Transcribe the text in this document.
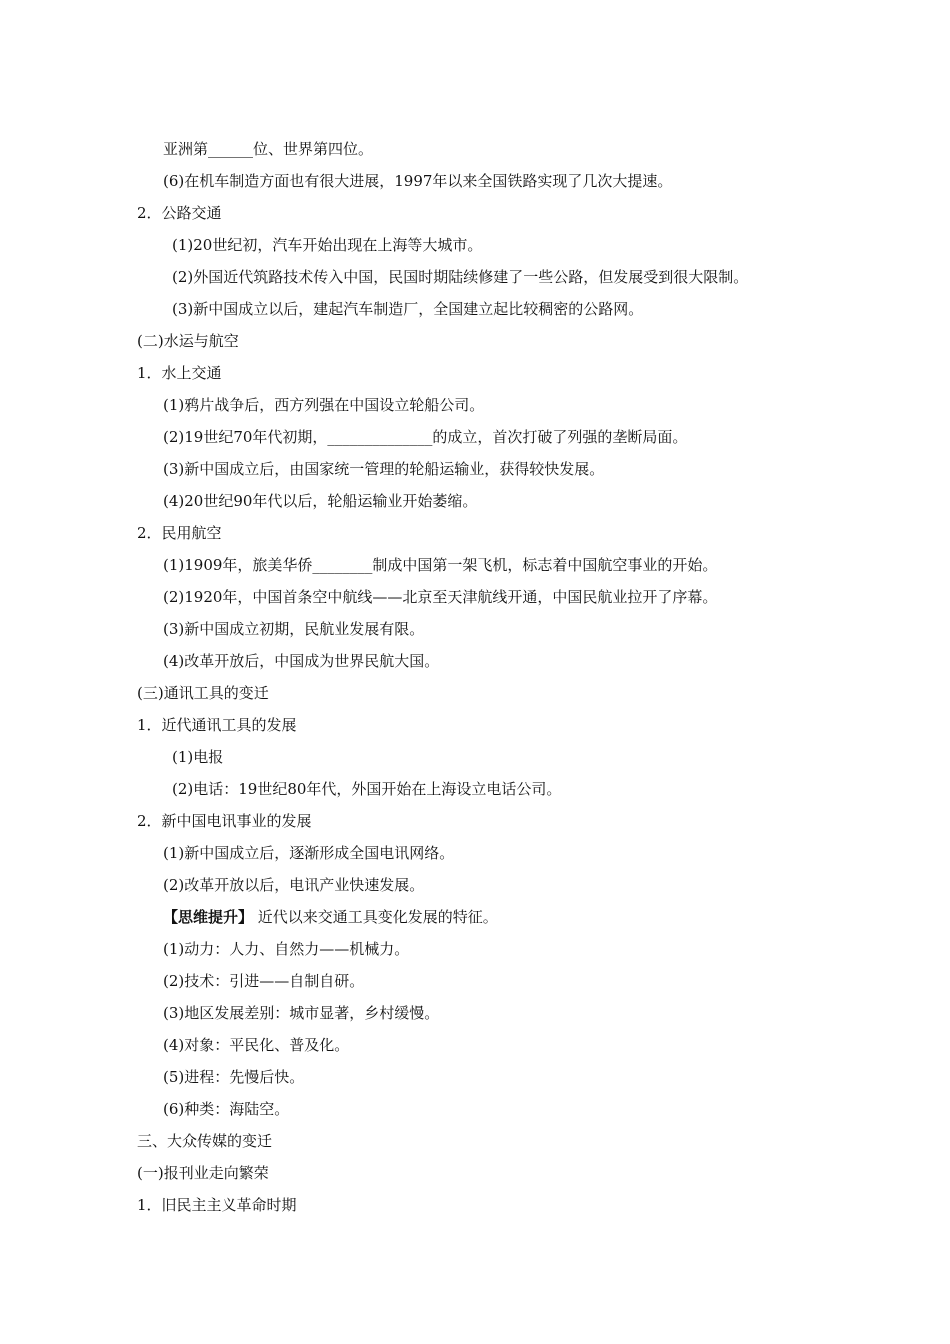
亚洲第______位、世界第四位。
(6)在机车制造方面也有很大进展，1997年以来全国铁路实现了几次大提速。
2．公路交通
(1)20世纪初，汽车开始出现在上海等大城市。
(2)外国近代筑路技术传入中国，民国时期陆续修建了一些公路，但发展受到很大限制。
(3)新中国成立以后，建起汽车制造厂，全国建立起比较稠密的公路网。
(二)水运与航空
1．水上交通
(1)鸦片战争后，西方列强在中国设立轮船公司。
(2)19世纪70年代初期，______________的成立，首次打破了列强的垄断局面。
(3)新中国成立后，由国家统一管理的轮船运输业，获得较快发展。
(4)20世纪90年代以后，轮船运输业开始萎缩。
2．民用航空
(1)1909年，旅美华侨________制成中国第一架飞机，标志着中国航空事业的开始。
(2)1920年，中国首条空中航线——北京至天津航线开通，中国民航业拉开了序幕。
(3)新中国成立初期，民航业发展有限。
(4)改革开放后，中国成为世界民航大国。
(三)通讯工具的变迁
1．近代通讯工具的发展
(1)电报
(2)电话：19世纪80年代，外国开始在上海设立电话公司。
2．新中国电讯事业的发展
(1)新中国成立后，逐渐形成全国电讯网络。
(2)改革开放以后，电讯产业快速发展。
【思维提升】 近代以来交通工具变化发展的特征。
(1)动力：人力、自然力——机械力。
(2)技术：引进——自制自研。
(3)地区发展差别：城市显著，乡村缓慢。
(4)对象：平民化、普及化。
(5)进程：先慢后快。
(6)种类：海陆空。
三、大众传媒的变迁
(一)报刊业走向繁荣
1．旧民主主义革命时期
